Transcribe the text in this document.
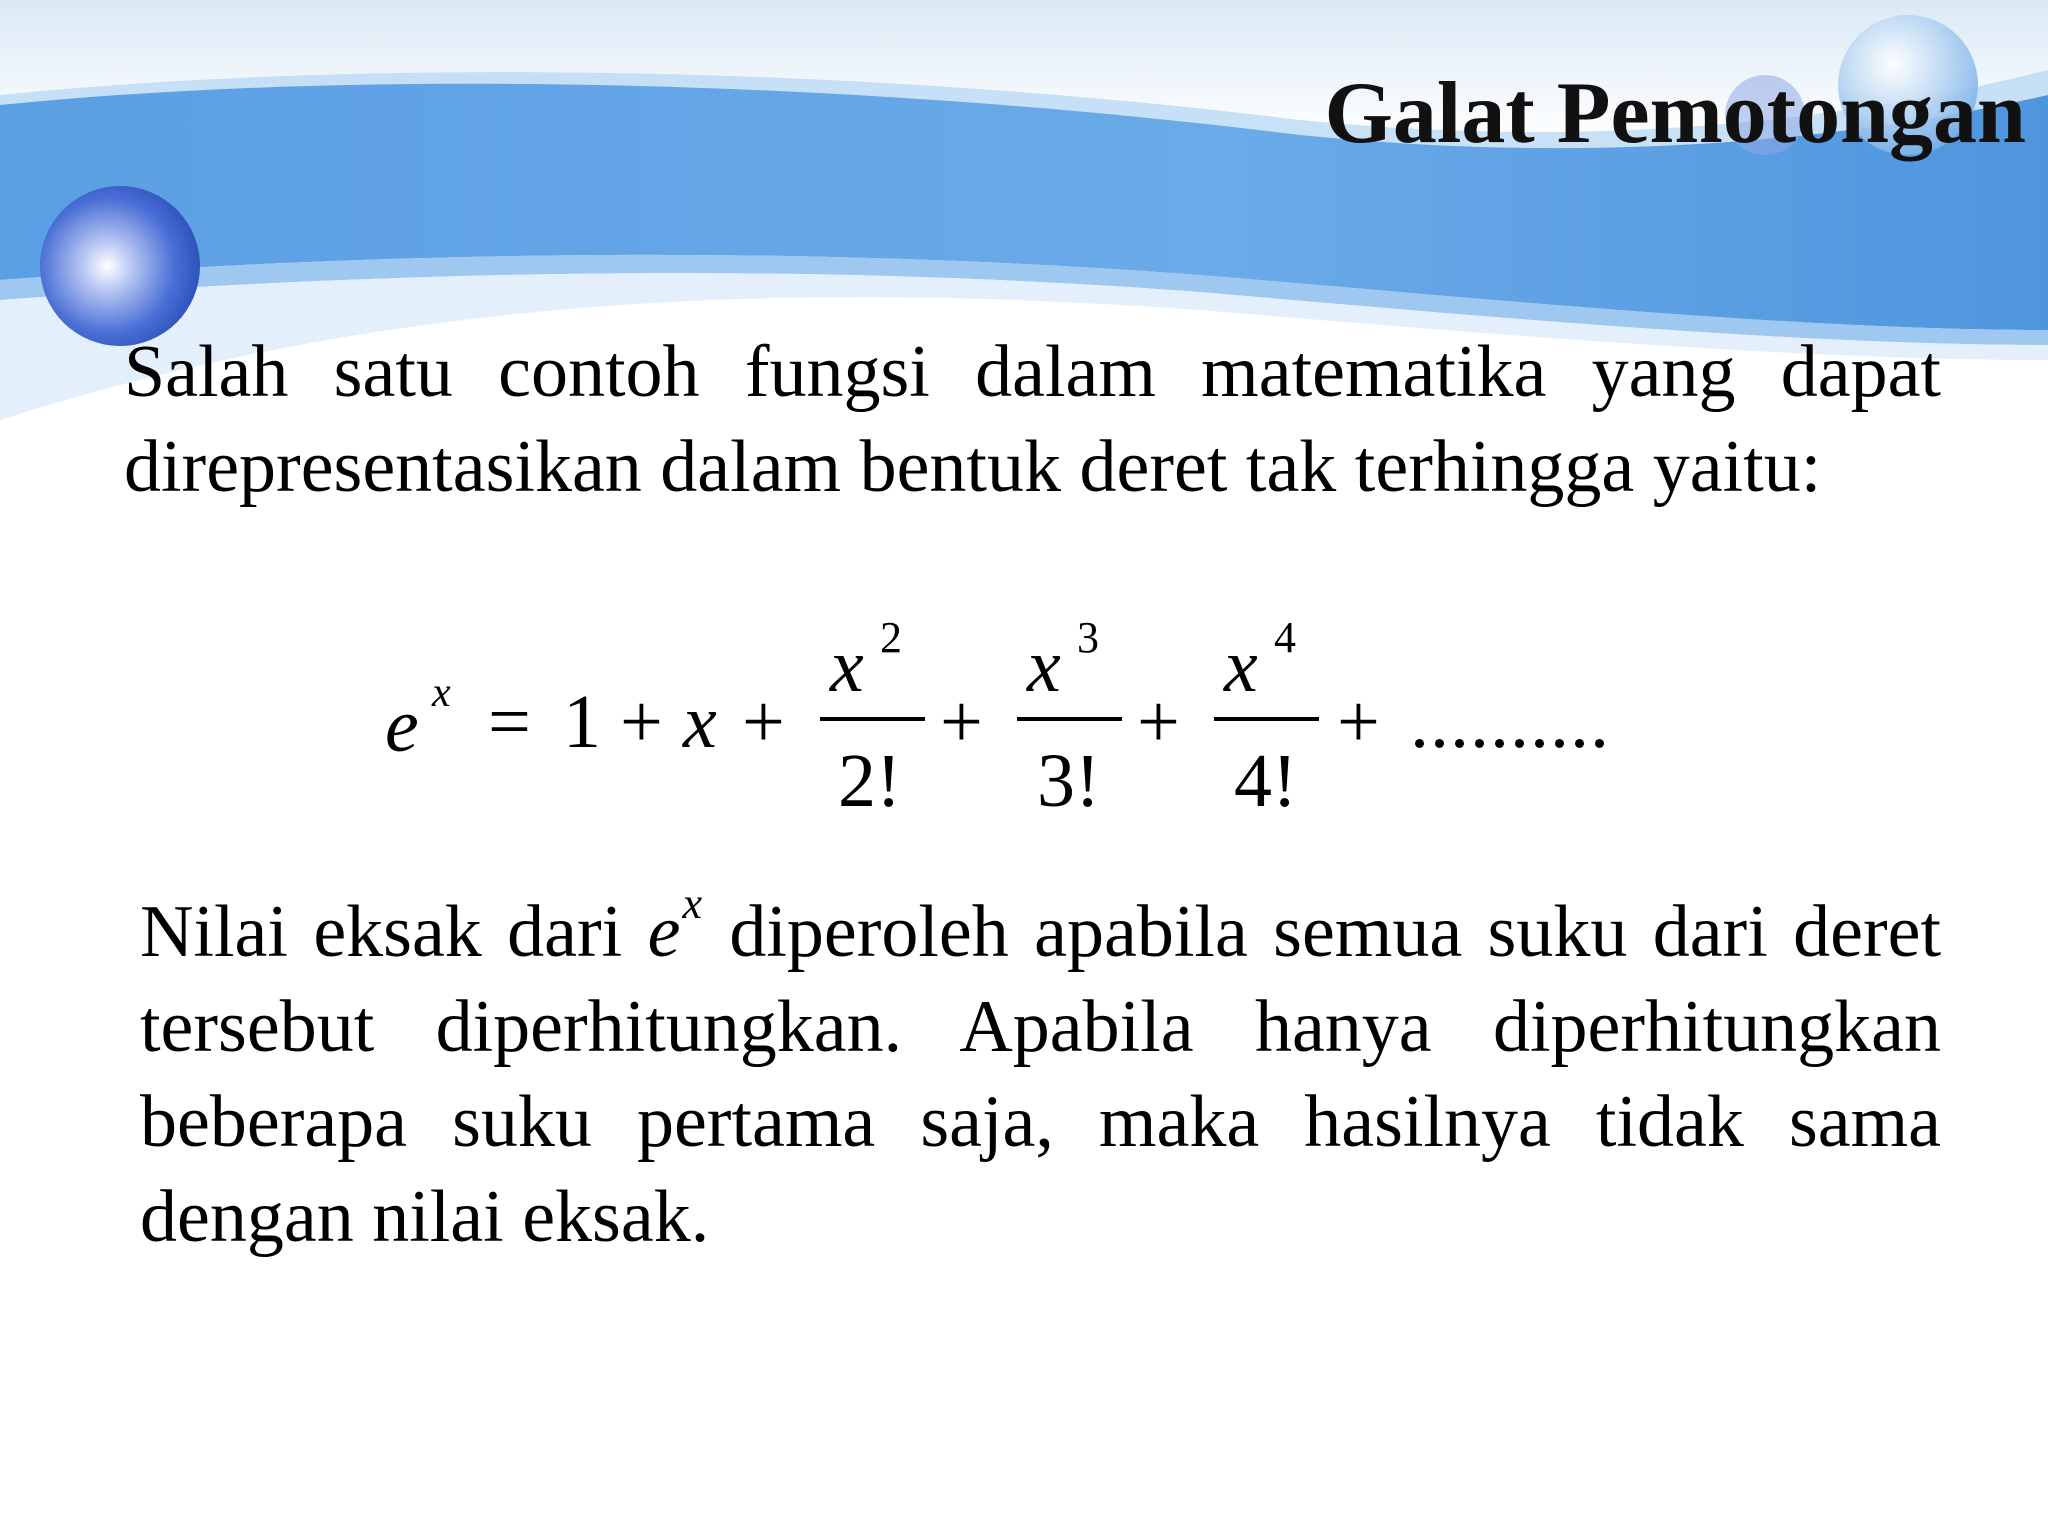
Galat Pemotongan
Salah satu contoh fungsi dalam matematika yang dapat direpresentasikan dalam bentuk deret tak terhingga yaitu:
e x = 1 + x +
x 2
2!
+
x 3
3!
+
x 4
4!
+ ..........
Nilai eksak dari $e^x$ diperoleh apabila semua suku dari deret tersebut diperhitungkan. Apabila hanya diperhitungkan beberapa suku pertama saja, maka hasilnya tidak sama dengan nilai eksak.
